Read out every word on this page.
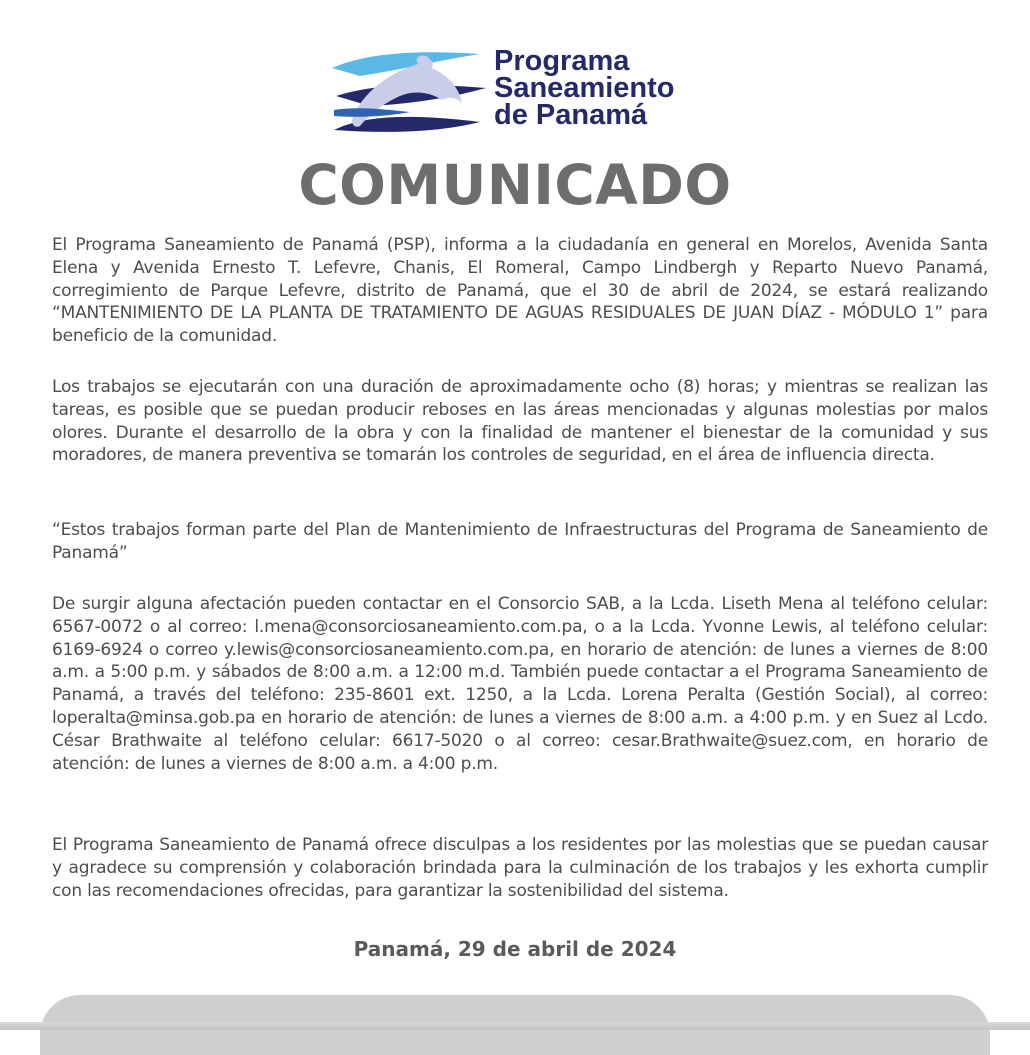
Programa
Saneamiento
de Panamá
COMUNICADO

El Programa Saneamiento de Panamá (PSP), informa a la ciudadanía en general en Morelos, Avenida Santa Elena y Avenida Ernesto T. Lefevre, Chanis, El Romeral, Campo Lindbergh y Reparto Nuevo Panamá, corregimiento de Parque Lefevre, distrito de Panamá, que el 30 de abril de 2024, se estará realizando “MANTENIMIENTO DE LA PLANTA DE TRATAMIENTO DE AGUAS RESIDUALES DE JUAN DÍAZ - MÓDULO 1” para beneficio de la comunidad.

Los trabajos se ejecutarán con una duración de aproximadamente ocho (8) horas; y mientras se realizan las tareas, es posible que se puedan producir reboses en las áreas mencionadas y algunas molestias por malos olores. Durante el desarrollo de la obra y con la finalidad de mantener el bienestar de la comunidad y sus moradores, de manera preventiva se tomarán los controles de seguridad, en el área de influencia directa.

“Estos trabajos forman parte del Plan de Mantenimiento de Infraestructuras del Programa de Saneamiento de Panamá”

De surgir alguna afectación pueden contactar en el Consorcio SAB, a la Lcda. Liseth Mena al teléfono celular: 6567-0072 o al correo: l.mena@consorciosaneamiento.com.pa, o a la Lcda. Yvonne Lewis, al teléfono celular: 6169-6924 o correo y.lewis@consorciosaneamiento.com.pa, en horario de atención: de lunes a viernes de 8:00 a.m. a 5:00 p.m. y sábados de 8:00 a.m. a 12:00 m.d. También puede contactar a el Programa Saneamiento de Panamá, a través del teléfono: 235-8601 ext. 1250, a la Lcda. Lorena Peralta (Gestión Social), al correo: loperalta@minsa.gob.pa en horario de atención: de lunes a viernes de 8:00 a.m. a 4:00 p.m. y en Suez al Lcdo. César Brathwaite al teléfono celular: 6617-5020 o al correo: cesar.Brathwaite@suez.com, en horario de atención: de lunes a viernes de 8:00 a.m. a 4:00 p.m.

El Programa Saneamiento de Panamá ofrece disculpas a los residentes por las molestias que se puedan causar y agradece su comprensión y colaboración brindada para la culminación de los trabajos y les exhorta cumplir con las recomendaciones ofrecidas, para garantizar la sostenibilidad del sistema.

Panamá, 29 de abril de 2024
